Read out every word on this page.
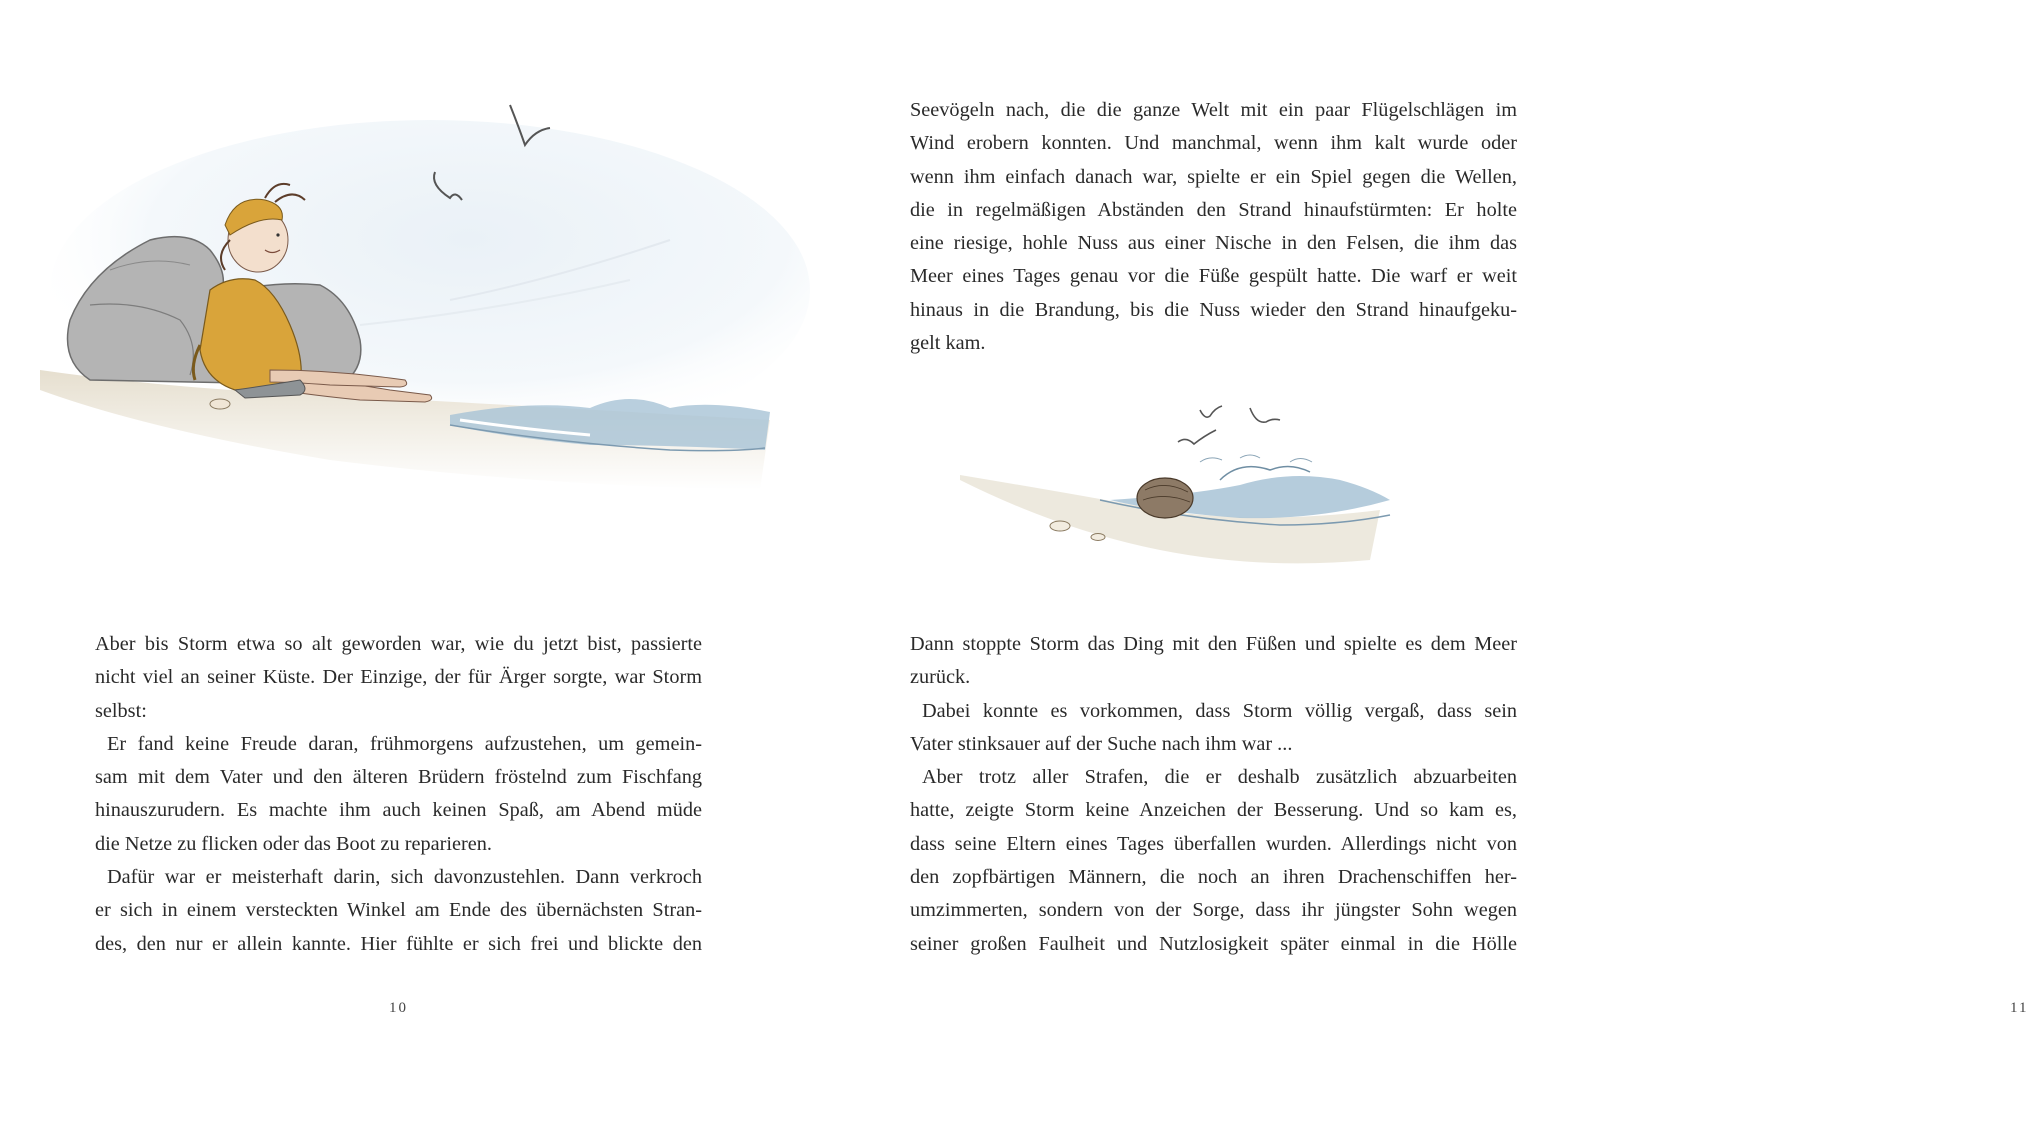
Aber bis Storm etwa so alt geworden war, wie du jetzt bist, passierte
nicht viel an seiner Küste. Der Einzige, der für Ärger sorgte, war Storm
selbst:

Er fand keine Freude daran, frühmorgens aufzustehen, um gemein-
sam mit dem Vater und den älteren Brüdern fröstelnd zum Fischfang
hinauszurudern. Es machte ihm auch keinen Spaß, am Abend müde
die Netze zu flicken oder das Boot zu reparieren.

Dafür war er meisterhaft darin, sich davonzustehlen. Dann verkroch
er sich in einem versteckten Winkel am Ende des übernächsten Stran-
des, den nur er allein kannte. Hier fühlte er sich frei und blickte den

10

Seevögeln nach, die die ganze Welt mit ein paar Flügelschlägen im
Wind erobern konnten. Und manchmal, wenn ihm kalt wurde oder
wenn ihm einfach danach war, spielte er ein Spiel gegen die Wellen,
die in regelmäßigen Abständen den Strand hinaufstürmten: Er holte
eine riesige, hohle Nuss aus einer Nische in den Felsen, die ihm das
Meer eines Tages genau vor die Füße gespült hatte. Die warf er weit
hinaus in die Brandung, bis die Nuss wieder den Strand hinaufgeku-
gelt kam.

Dann stoppte Storm das Ding mit den Füßen und spielte es dem Meer
zurück.

Dabei konnte es vorkommen, dass Storm völlig vergaß, dass sein
Vater stinksauer auf der Suche nach ihm war ...

Aber trotz aller Strafen, die er deshalb zusätzlich abzuarbeiten
hatte, zeigte Storm keine Anzeichen der Besserung. Und so kam es,
dass seine Eltern eines Tages überfallen wurden. Allerdings nicht von
den zopfbärtigen Männern, die noch an ihren Drachenschiffen her-
umzimmerten, sondern von der Sorge, dass ihr jüngster Sohn wegen
seiner großen Faulheit und Nutzlosigkeit später einmal in die Hölle

11
